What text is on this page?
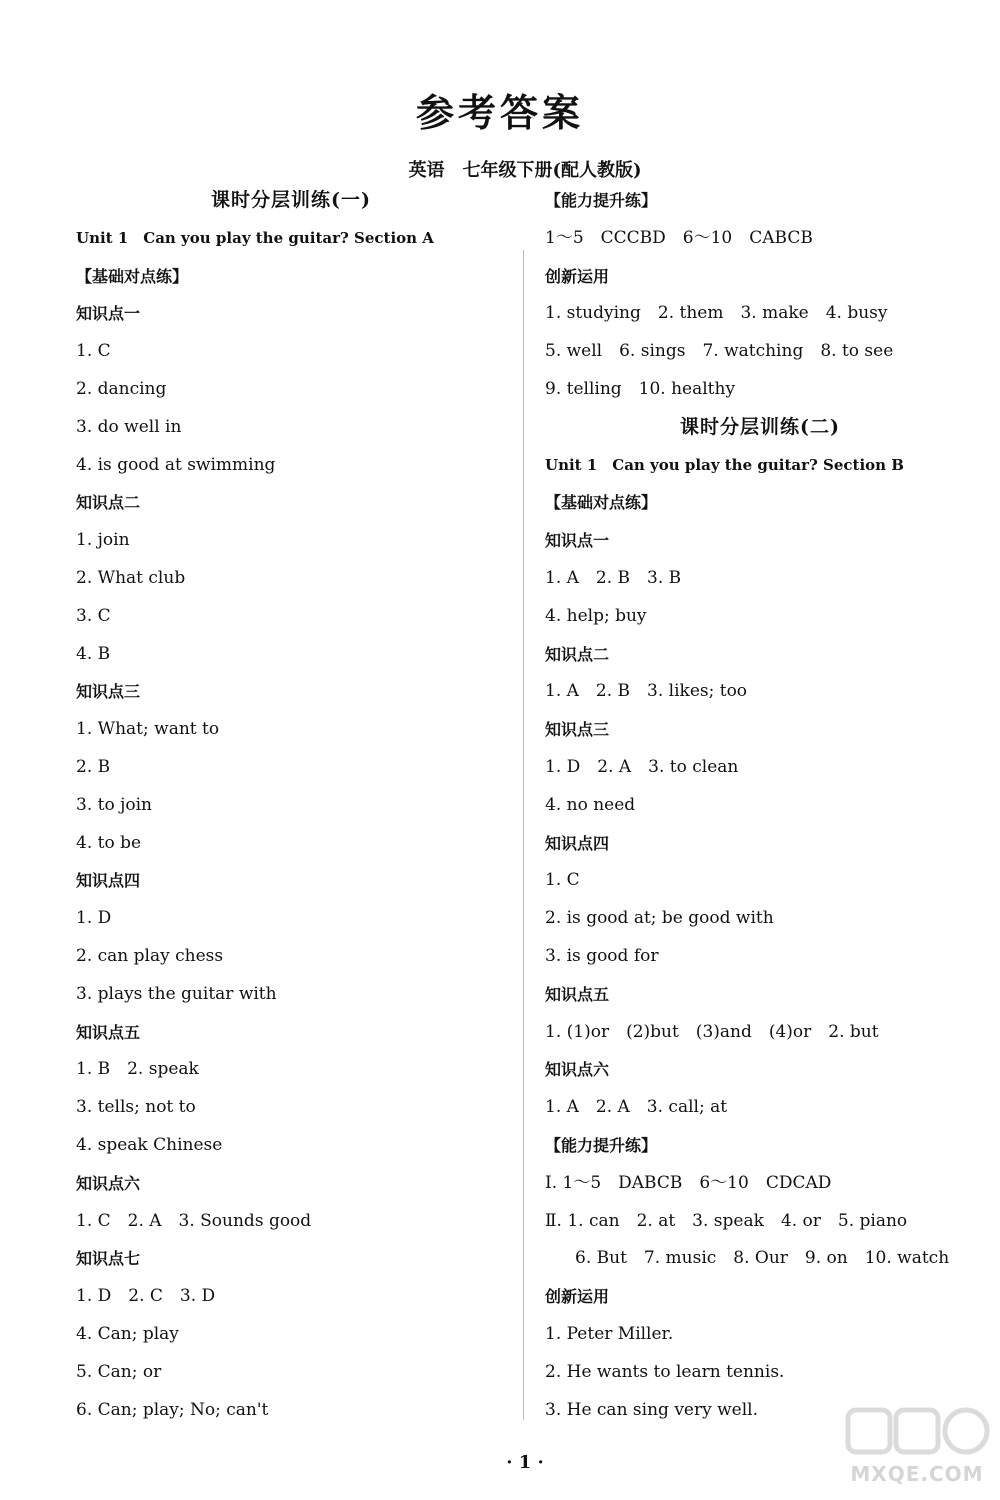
参考答案
英语　七年级下册(配人教版)
课时分层训练(一)
Unit 1　Can you play the guitar? Section A
【基础对点练】
知识点一
1. C
2. dancing
3. do well in
4. is good at swimming
知识点二
1. join
2. What club
3. C
4. B
知识点三
1. What; want to
2. B
3. to join
4. to be
知识点四
1. D
2. can play chess
3. plays the guitar with
知识点五
1. B　2. speak
3. tells; not to
4. speak Chinese
知识点六
1. C　2. A　3. Sounds good
知识点七
1. D　2. C　3. D
4. Can; play
5. Can; or
6. Can; play; No; can't
【能力提升练】
1～5　CCCBD　6～10　CABCB
创新运用
1. studying　2. them　3. make　4. busy
5. well　6. sings　7. watching　8. to see
9. telling　10. healthy
课时分层训练(二)
Unit 1　Can you play the guitar? Section B
【基础对点练】
知识点一
1. A　2. B　3. B
4. help; buy
知识点二
1. A　2. B　3. likes; too
知识点三
1. D　2. A　3. to clean
4. no need
知识点四
1. C
2. is good at; be good with
3. is good for
知识点五
1. (1)or　(2)but　(3)and　(4)or　2. but
知识点六
1. A　2. A　3. call; at
【能力提升练】
Ⅰ. 1～5　DABCB　6～10　CDCAD
Ⅱ. 1. can　2. at　3. speak　4. or　5. piano
6. But　7. music　8. Our　9. on　10. watch
创新运用
1. Peter Miller.
2. He wants to learn tennis.
3. He can sing very well.
· 1 ·	MXQE.COM
